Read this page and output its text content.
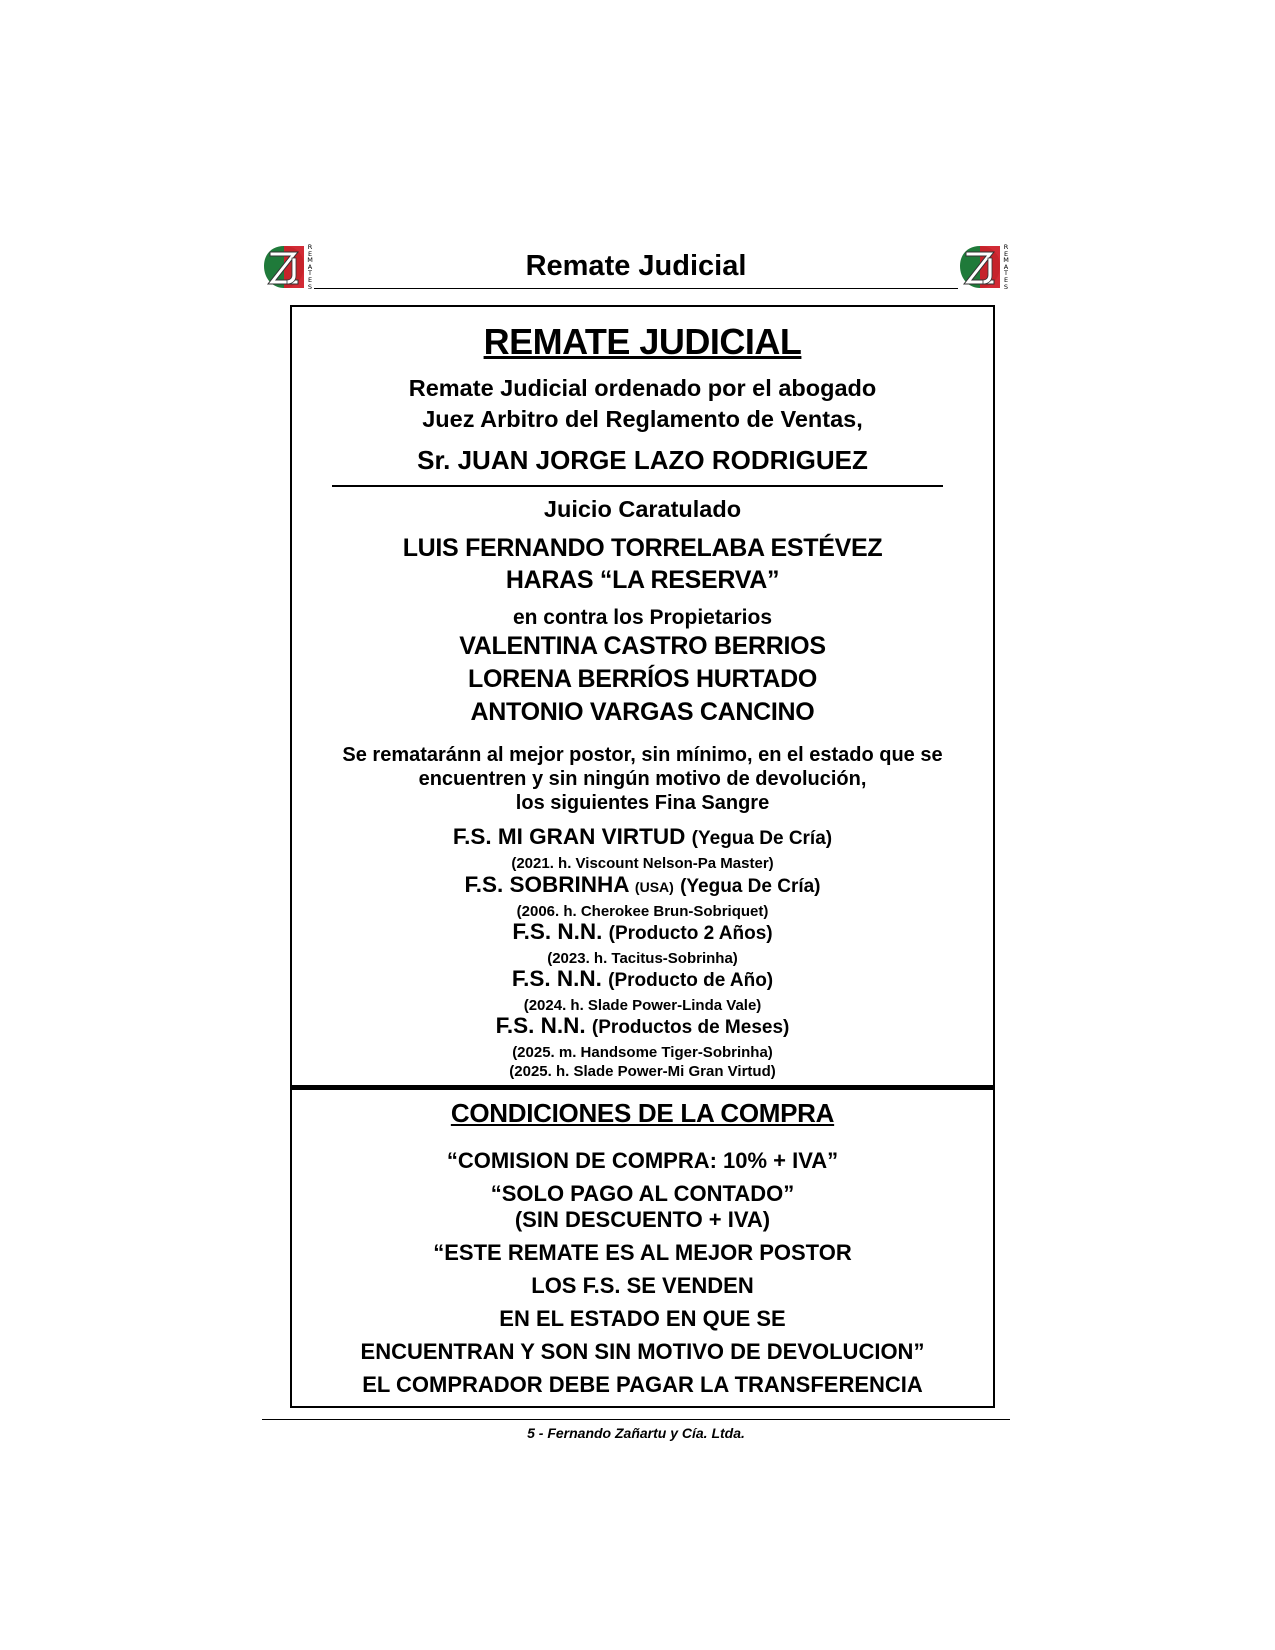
R
E
M
A
T
E
S
Remate Judicial
R
E
M
A
T
E
S
REMATE JUDICIAL
Remate Judicial ordenado por el abogado
Juez Arbitro del Reglamento de Ventas,
Sr. JUAN JORGE LAZO RODRIGUEZ
Juicio Caratulado
LUIS FERNANDO TORRELABA ESTÉVEZ
HARAS “LA RESERVA”
en contra los Propietarios
VALENTINA CASTRO BERRIOS
LORENA BERRÍOS HURTADO
ANTONIO VARGAS CANCINO
Se remataránn al mejor postor, sin mínimo, en el estado que se
encuentren y sin ningún motivo de devolución,
los siguientes Fina Sangre
F.S. MI GRAN VIRTUD (Yegua De Cría)
(2021. h. Viscount Nelson-Pa Master)
F.S. SOBRINHA (USA) (Yegua De Cría)
(2006. h. Cherokee Brun-Sobriquet)
F.S. N.N. (Producto 2 Años)
(2023. h. Tacitus-Sobrinha)
F.S. N.N. (Producto de Año)
(2024. h. Slade Power-Linda Vale)
F.S. N.N. (Productos de Meses)
(2025. m. Handsome Tiger-Sobrinha)
(2025. h. Slade Power-Mi Gran Virtud)
CONDICIONES DE LA COMPRA
“COMISION DE COMPRA: 10% + IVA”
“SOLO PAGO AL CONTADO”
(SIN DESCUENTO + IVA)
“ESTE REMATE ES AL MEJOR POSTOR
LOS F.S. SE VENDEN
EN EL ESTADO EN QUE SE
ENCUENTRAN Y SON SIN MOTIVO DE DEVOLUCION”
EL COMPRADOR DEBE PAGAR LA TRANSFERENCIA
5 - Fernando Zañartu y Cía. Ltda.
